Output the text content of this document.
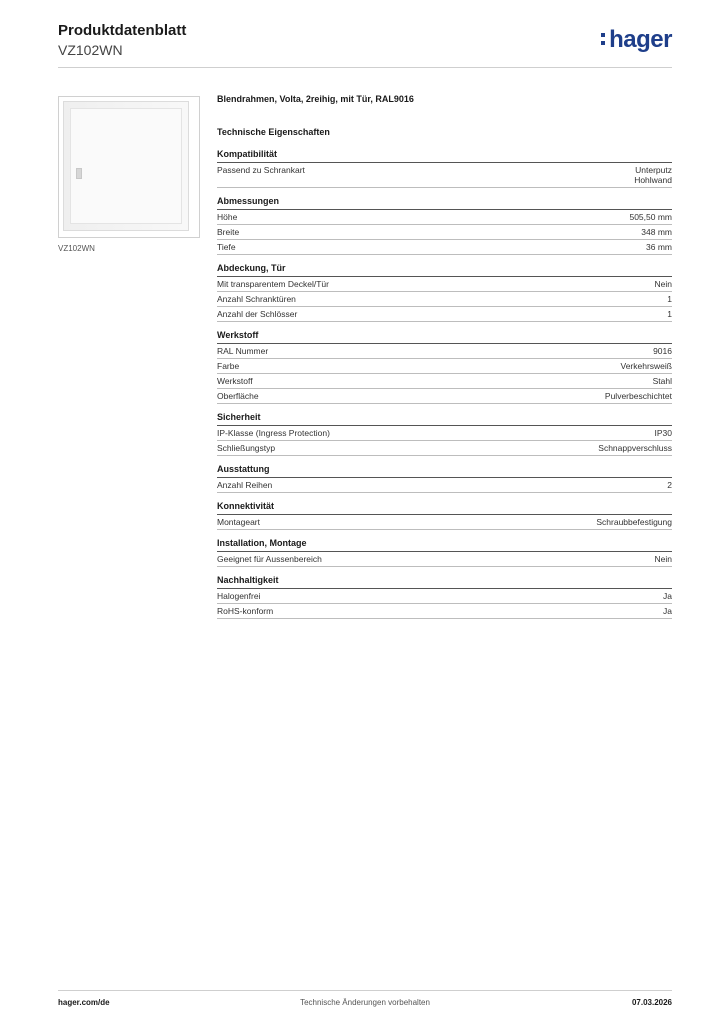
Produktdatenblatt
VZ102WN	hager
VZ102WN
Blendrahmen, Volta, 2reihig, mit Tür, RAL9016
Technische Eigenschaften
Kompatibilität
Passend zu Schrankart	Unterputz
Hohlwand
Abmessungen
Höhe	505,50 mm
Breite	348 mm
Tiefe	36 mm
Abdeckung, Tür
Mit transparentem Deckel/Tür	Nein
Anzahl Schranktüren	1
Anzahl der Schlösser	1
Werkstoff
RAL Nummer	9016
Farbe	Verkehrsweiß
Werkstoff	Stahl
Oberfläche	Pulverbeschichtet
Sicherheit
IP-Klasse (Ingress Protection)	IP30
Schließungstyp	Schnappverschluss
Ausstattung
Anzahl Reihen	2
Konnektivität
Montageart	Schraubbefestigung
Installation, Montage
Geeignet für Aussenbereich	Nein
Nachhaltigkeit
Halogenfrei	Ja
RoHS-konform	Ja
hager.com/de	Technische Änderungen vorbehalten	07.03.2026
